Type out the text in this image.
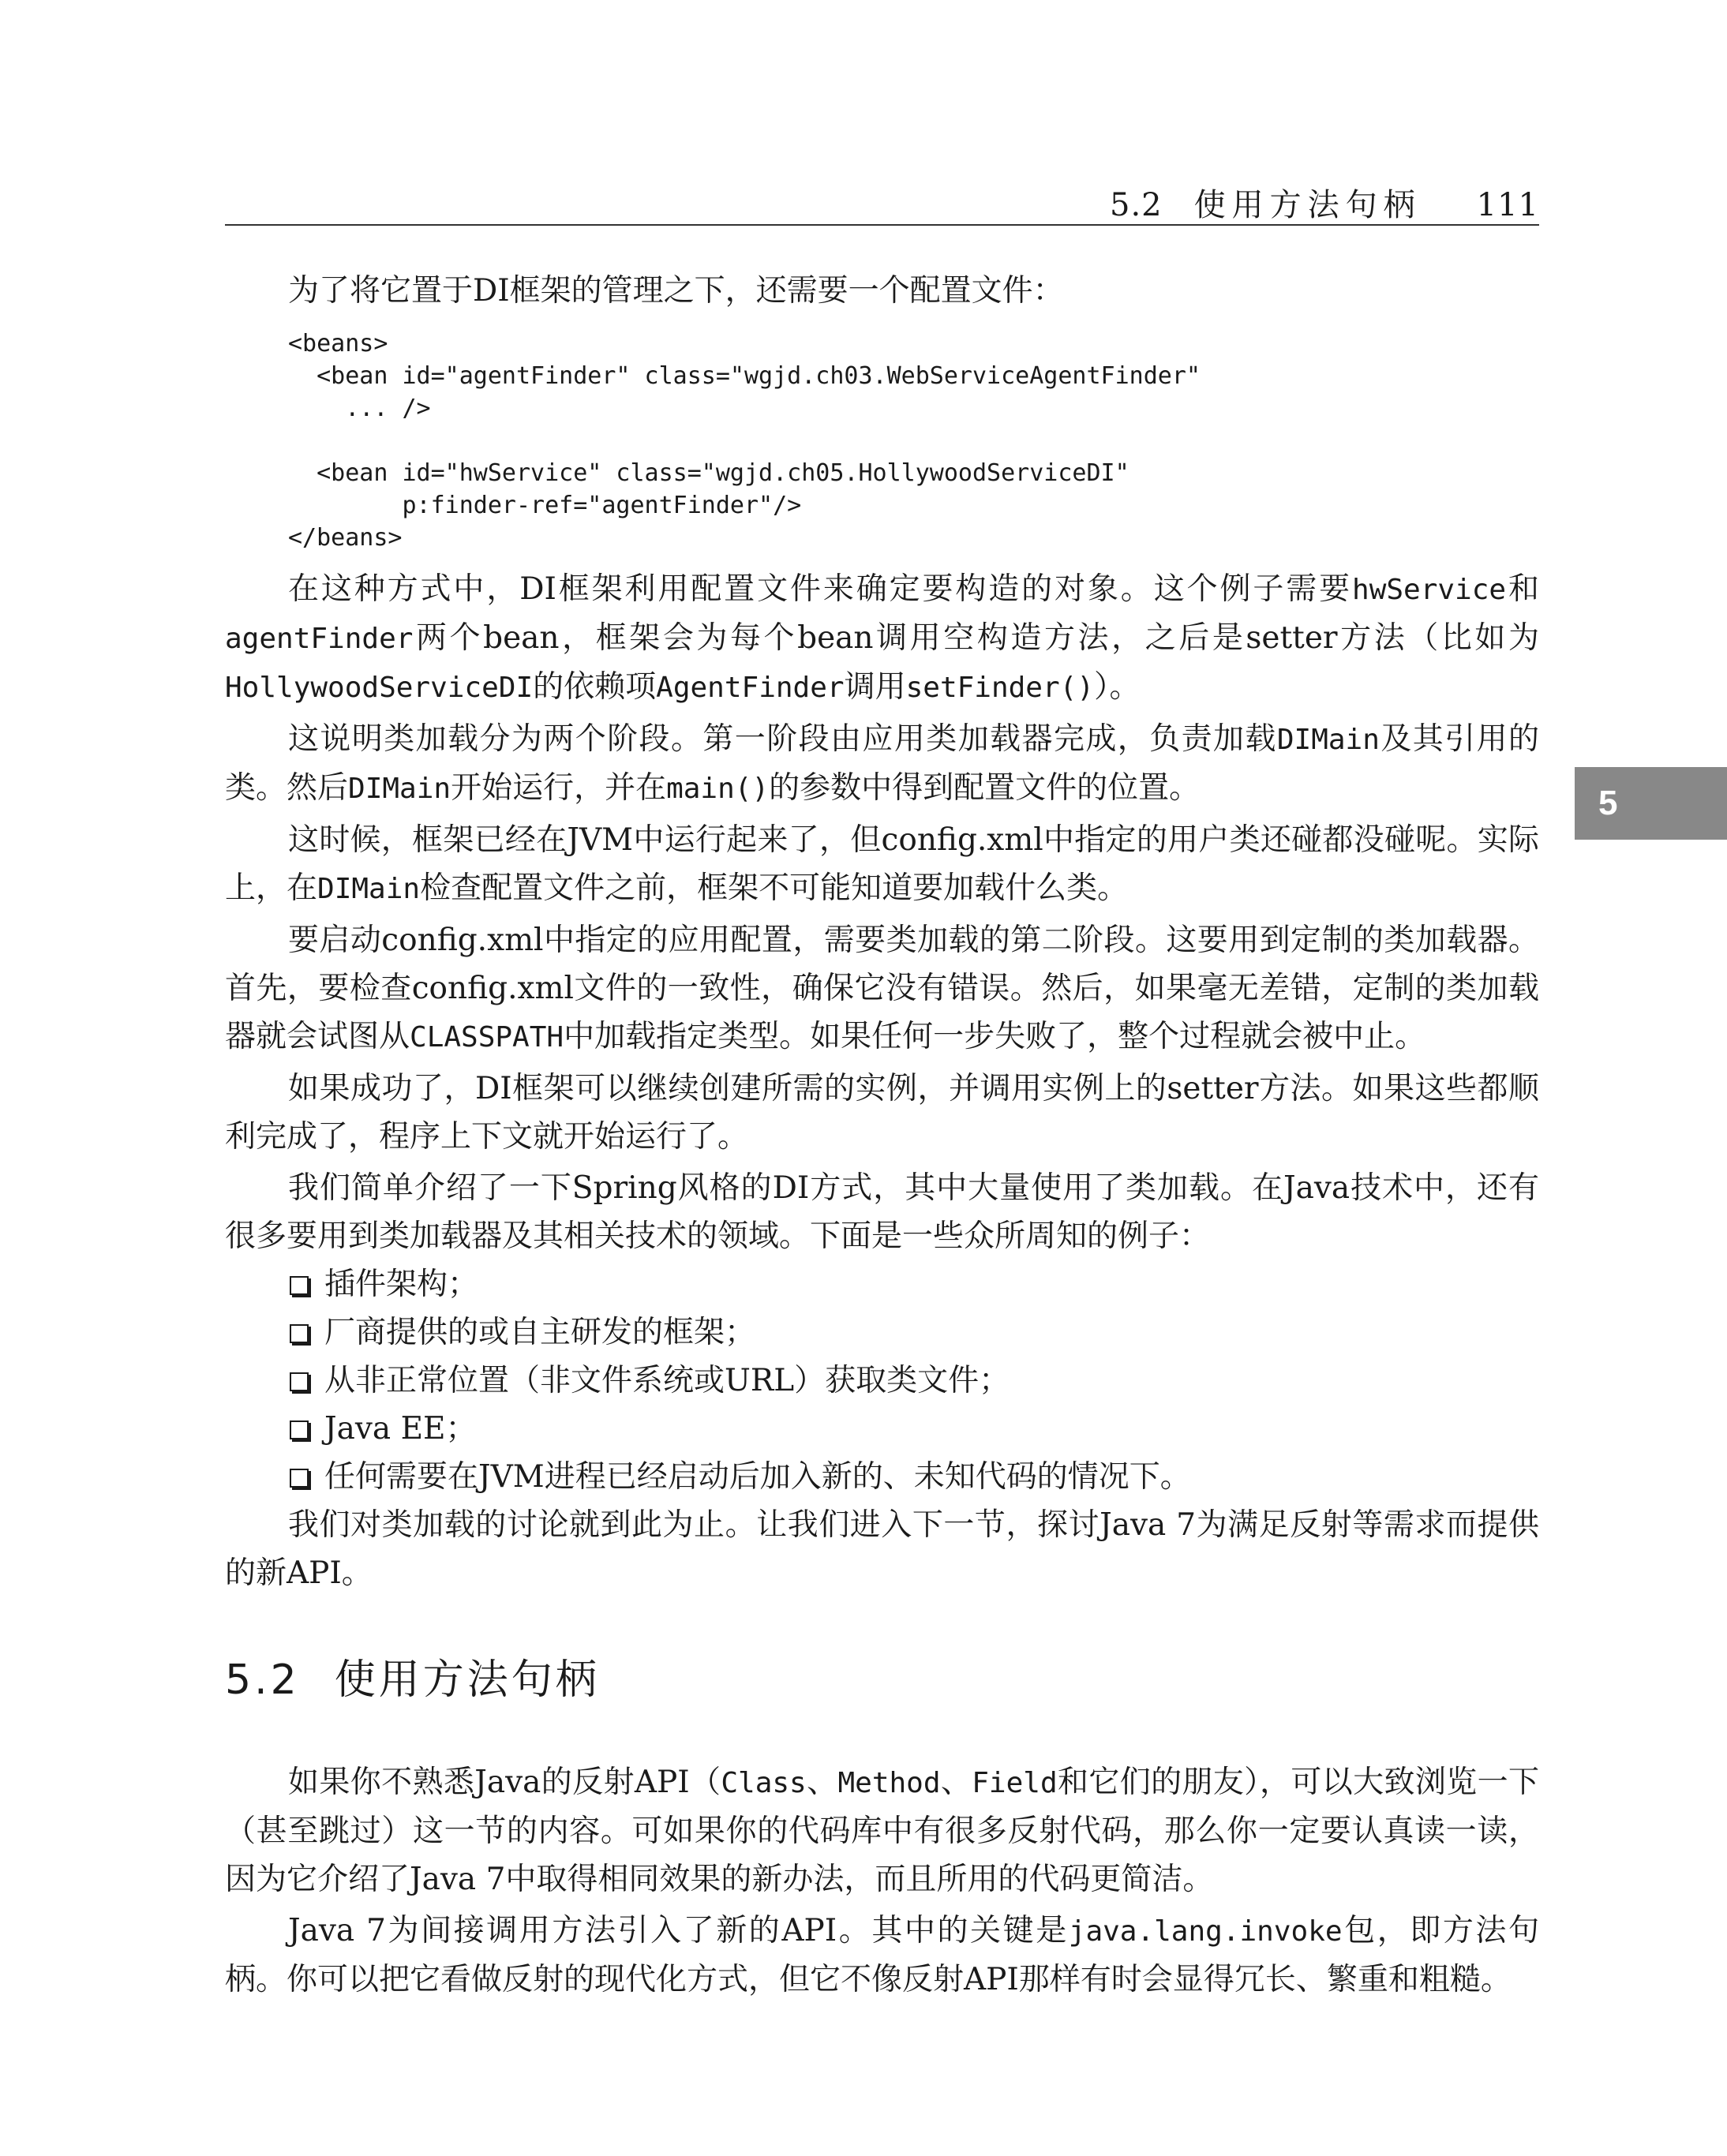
5.2 使用方法句柄 111
5

为了将它置于DI框架的管理之下，还需要一个配置文件：

<beans>
<bean id="agentFinder" class="wgjd.ch03.WebServiceAgentFinder"
... />

<bean id="hwService" class="wgjd.ch05.HollywoodServiceDI"
p:finder-ref="agentFinder"/>
</beans>

在这种方式中，DI框架利用配置文件来确定要构造的对象。这个例子需要hwService和agentFinder两个bean，框架会为每个bean调用空构造方法，之后是setter方法（比如为HollywoodServiceDI的依赖项AgentFinder调用setFinder()）。

这说明类加载分为两个阶段。第一阶段由应用类加载器完成，负责加载DIMain及其引用的类。然后DIMain开始运行，并在main()的参数中得到配置文件的位置。

这时候，框架已经在JVM中运行起来了，但config.xml中指定的用户类还碰都没碰呢。实际上，在DIMain检查配置文件之前，框架不可能知道要加载什么类。

要启动config.xml中指定的应用配置，需要类加载的第二阶段。这要用到定制的类加载器。首先，要检查config.xml文件的一致性，确保它没有错误。然后，如果毫无差错，定制的类加载器就会试图从CLASSPATH中加载指定类型。如果任何一步失败了，整个过程就会被中止。

如果成功了，DI框架可以继续创建所需的实例，并调用实例上的setter方法。如果这些都顺利完成了，程序上下文就开始运行了。

我们简单介绍了一下Spring风格的DI方式，其中大量使用了类加载。在Java技术中，还有很多要用到类加载器及其相关技术的领域。下面是一些众所周知的例子：

插件架构；
厂商提供的或自主研发的框架；
从非正常位置（非文件系统或URL）获取类文件；
Java EE；
任何需要在JVM进程已经启动后加入新的、未知代码的情况下。

我们对类加载的讨论就到此为止。让我们进入下一节，探讨Java 7为满足反射等需求而提供的新API。

5.2 使用方法句柄

如果你不熟悉Java的反射API（Class、Method、Field和它们的朋友），可以大致浏览一下（甚至跳过）这一节的内容。可如果你的代码库中有很多反射代码，那么你一定要认真读一读，因为它介绍了Java 7中取得相同效果的新办法，而且所用的代码更简洁。

Java 7为间接调用方法引入了新的API。其中的关键是java.lang.invoke包，即方法句柄。你可以把它看做反射的现代化方式，但它不像反射API那样有时会显得冗长、繁重和粗糙。
